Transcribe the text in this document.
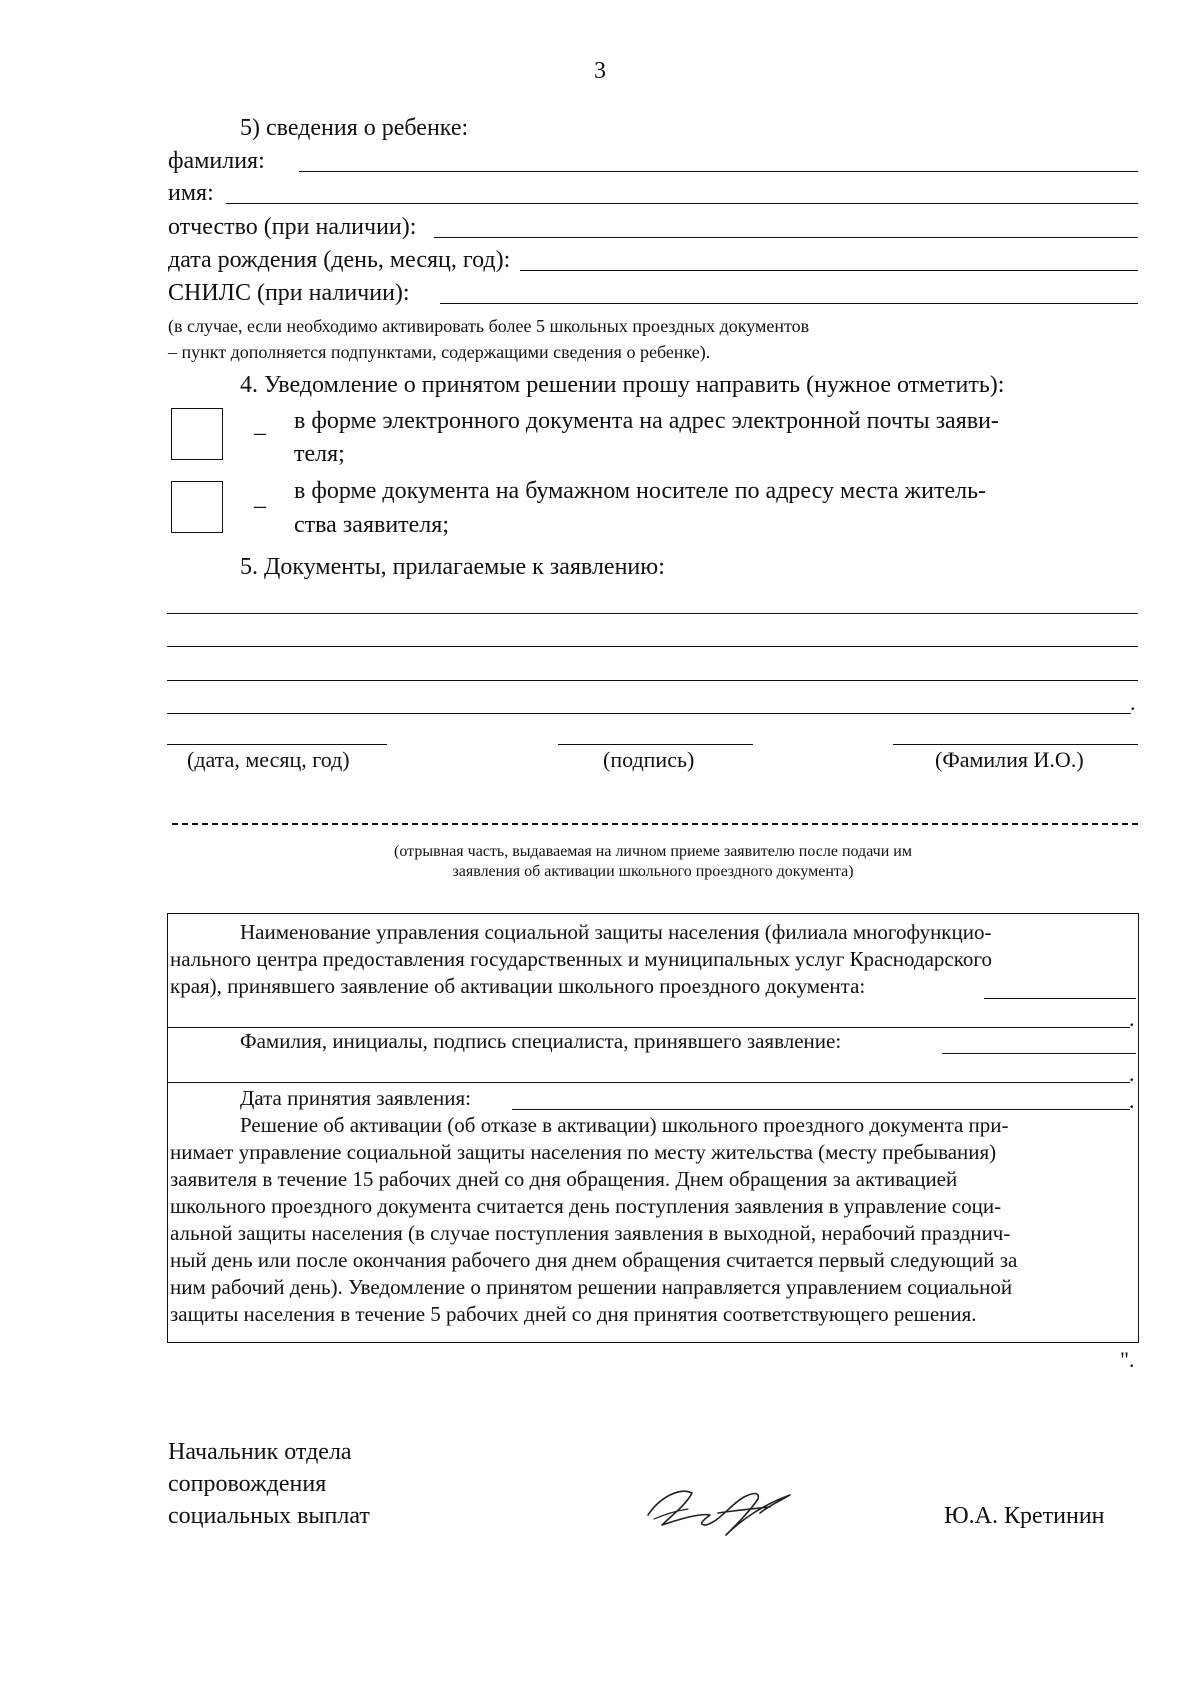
3
5) сведения о ребенке:
фамилия:
имя:
отчество (при наличии):
дата рождения (день, месяц, год):
СНИЛС (при наличии):
(в случае, если необходимо активировать более 5 школьных проездных документов
– пункт дополняется подпунктами, содержащими сведения о ребенке).
4. Уведомление о принятом решении прошу направить (нужное отметить):
_ в форме электронного документа на адрес электронной почты заяви-
теля;
_ в форме документа на бумажном носителе по адресу места житель-
ства заявителя;
5. Документы, прилагаемые к заявлению:
.
(дата, месяц, год)	(подпись)	(Фамилия И.О.)
(отрывная часть, выдаваемая на личном приеме заявителю после подачи им
заявления об активации школьного проездного документа)
Наименование управления социальной защиты населения (филиала многофункцио-
нального центра предоставления государственных и муниципальных услуг Краснодарского
края), принявшего заявление об активации школьного проездного документа:
.
Фамилия, инициалы, подпись специалиста, принявшего заявление:
.
Дата принятия заявления:	.
Решение об активации (об отказе в активации) школьного проездного документа при-
нимает управление социальной защиты населения по месту жительства (месту пребывания)
заявителя в течение 15 рабочих дней со дня обращения. Днем обращения за активацией
школьного проездного документа считается день поступления заявления в управление соци-
альной защиты населения (в случае поступления заявления в выходной, нерабочий празднич-
ный день или после окончания рабочего дня днем обращения считается первый следующий за
ним рабочий день). Уведомление о принятом решении направляется управлением социальной
защиты населения в течение 5 рабочих дней со дня принятия соответствующего решения.
".
Начальник отдела
сопровождения
социальных выплат	Ю.А. Кретинин
